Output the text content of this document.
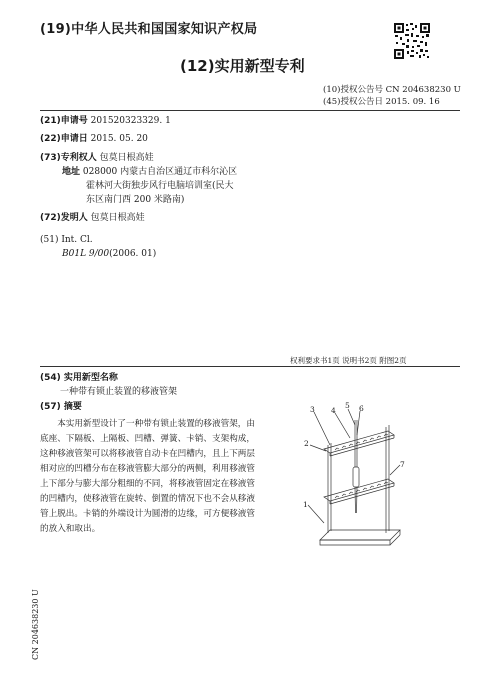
(19)中华人民共和国国家知识产权局
(12)实用新型专利
(10)授权公告号 CN 204638230 U
(45)授权公告日 2015. 09. 16
(21)申请号 201520323329. 1
(22)申请日 2015. 05. 20
(73)专利权人 包莫日根高娃
地址 028000 内蒙古自治区通辽市科尔沁区
霍林河大街独步风行电脑培训室(民大
东区南门西 200 米路南)
(72)发明人 包莫日根高娃
(51) Int. Cl.
B01L 9/00(2006. 01)
权利要求书1页 说明书2页 附图2页
(54) 实用新型名称
一种带有锁止装置的移液管架
(57) 摘要
本实用新型设计了一种带有锁止装置的移液管架，由底座、下隔板、上隔板、凹槽、弹簧、卡销、支架构成，这种移液管架可以将移液管自动卡在凹槽内，且上下两层相对应的凹槽分布在移液管膨大部分的两侧，利用移液管上下部分与膨大部分粗细的不同，将移液管固定在移液管的凹槽内，使移液管在旋转、倒置的情况下也不会从移液管上脱出。卡销的外端设计为圆滑的边缘，可方便移液管的放入和取出。
3 4
5 6
2
1
7
CN 204638230 U
